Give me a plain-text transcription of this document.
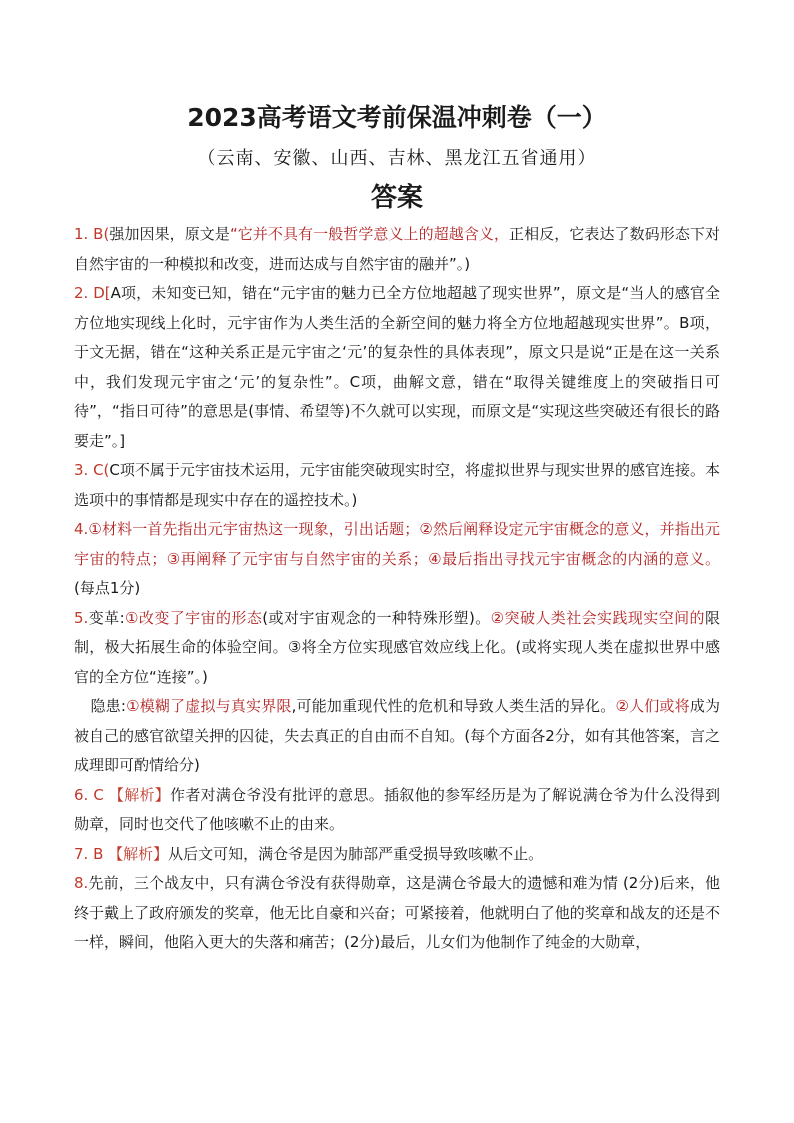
2023高考语文考前保温冲刺卷（一）
（云南、安徽、山西、吉林、黑龙江五省通用）
答案

1. B(强加因果，原文是“它并不具有一般哲学意义上的超越含义，正相反，它表达了数码形态下对自然宇宙的一种模拟和改变，进而达成与自然宇宙的融并”。)

2. D[A项，未知变已知，错在“元宇宙的魅力已全方位地超越了现实世界”，原文是“当人的感官全方位地实现线上化时，元宇宙作为人类生活的全新空间的魅力将全方位地超越现实世界”。B项，于文无据，错在“这种关系正是元宇宙之‘元’的复杂性的具体表现”，原文只是说“正是在这一关系中，我们发现元宇宙之‘元’的复杂性”。C项，曲解文意，错在“取得关键维度上的突破指日可待”，“指日可待”的意思是(事情、希望等)不久就可以实现，而原文是“实现这些突破还有很长的路要走”。]

3. C(C项不属于元宇宙技术运用，元宇宙能突破现实时空，将虚拟世界与现实世界的感官连接。本选项中的事情都是现实中存在的遥控技术。)

4.①材料一首先指出元宇宙热这一现象，引出话题；②然后阐释设定元宇宙概念的意义，并指出元宇宙的特点；③再阐释了元宇宙与自然宇宙的关系；④最后指出寻找元宇宙概念的内涵的意义。(每点1分)

5.变革:①改变了宇宙的形态(或对宇宙观念的一种特殊形塑)。②突破人类社会实践现实空间的限制，极大拓展生命的体验空间。③将全方位实现感官效应线上化。(或将实现人类在虚拟世界中感官的全方位“连接”。)

隐患:①模糊了虚拟与真实界限,可能加重现代性的危机和导致人类生活的异化。②人们或将成为被自己的感官欲望关押的囚徒，失去真正的自由而不自知。(每个方面各2分，如有其他答案，言之成理即可酌情给分)

6. C 【解析】作者对满仓爷没有批评的意思。插叙他的参军经历是为了解说满仓爷为什么没得到勋章，同时也交代了他咳嗽不止的由来。

7. B 【解析】从后文可知，满仓爷是因为肺部严重受损导致咳嗽不止。

8.先前，三个战友中，只有满仓爷没有获得勋章，这是满仓爷最大的遗憾和难为情 (2分)后来，他终于戴上了政府颁发的奖章，他无比自豪和兴奋；可紧接着，他就明白了他的奖章和战友的还是不一样，瞬间，他陷入更大的失落和痛苦；(2分)最后，儿女们为他制作了纯金的大勋章，
